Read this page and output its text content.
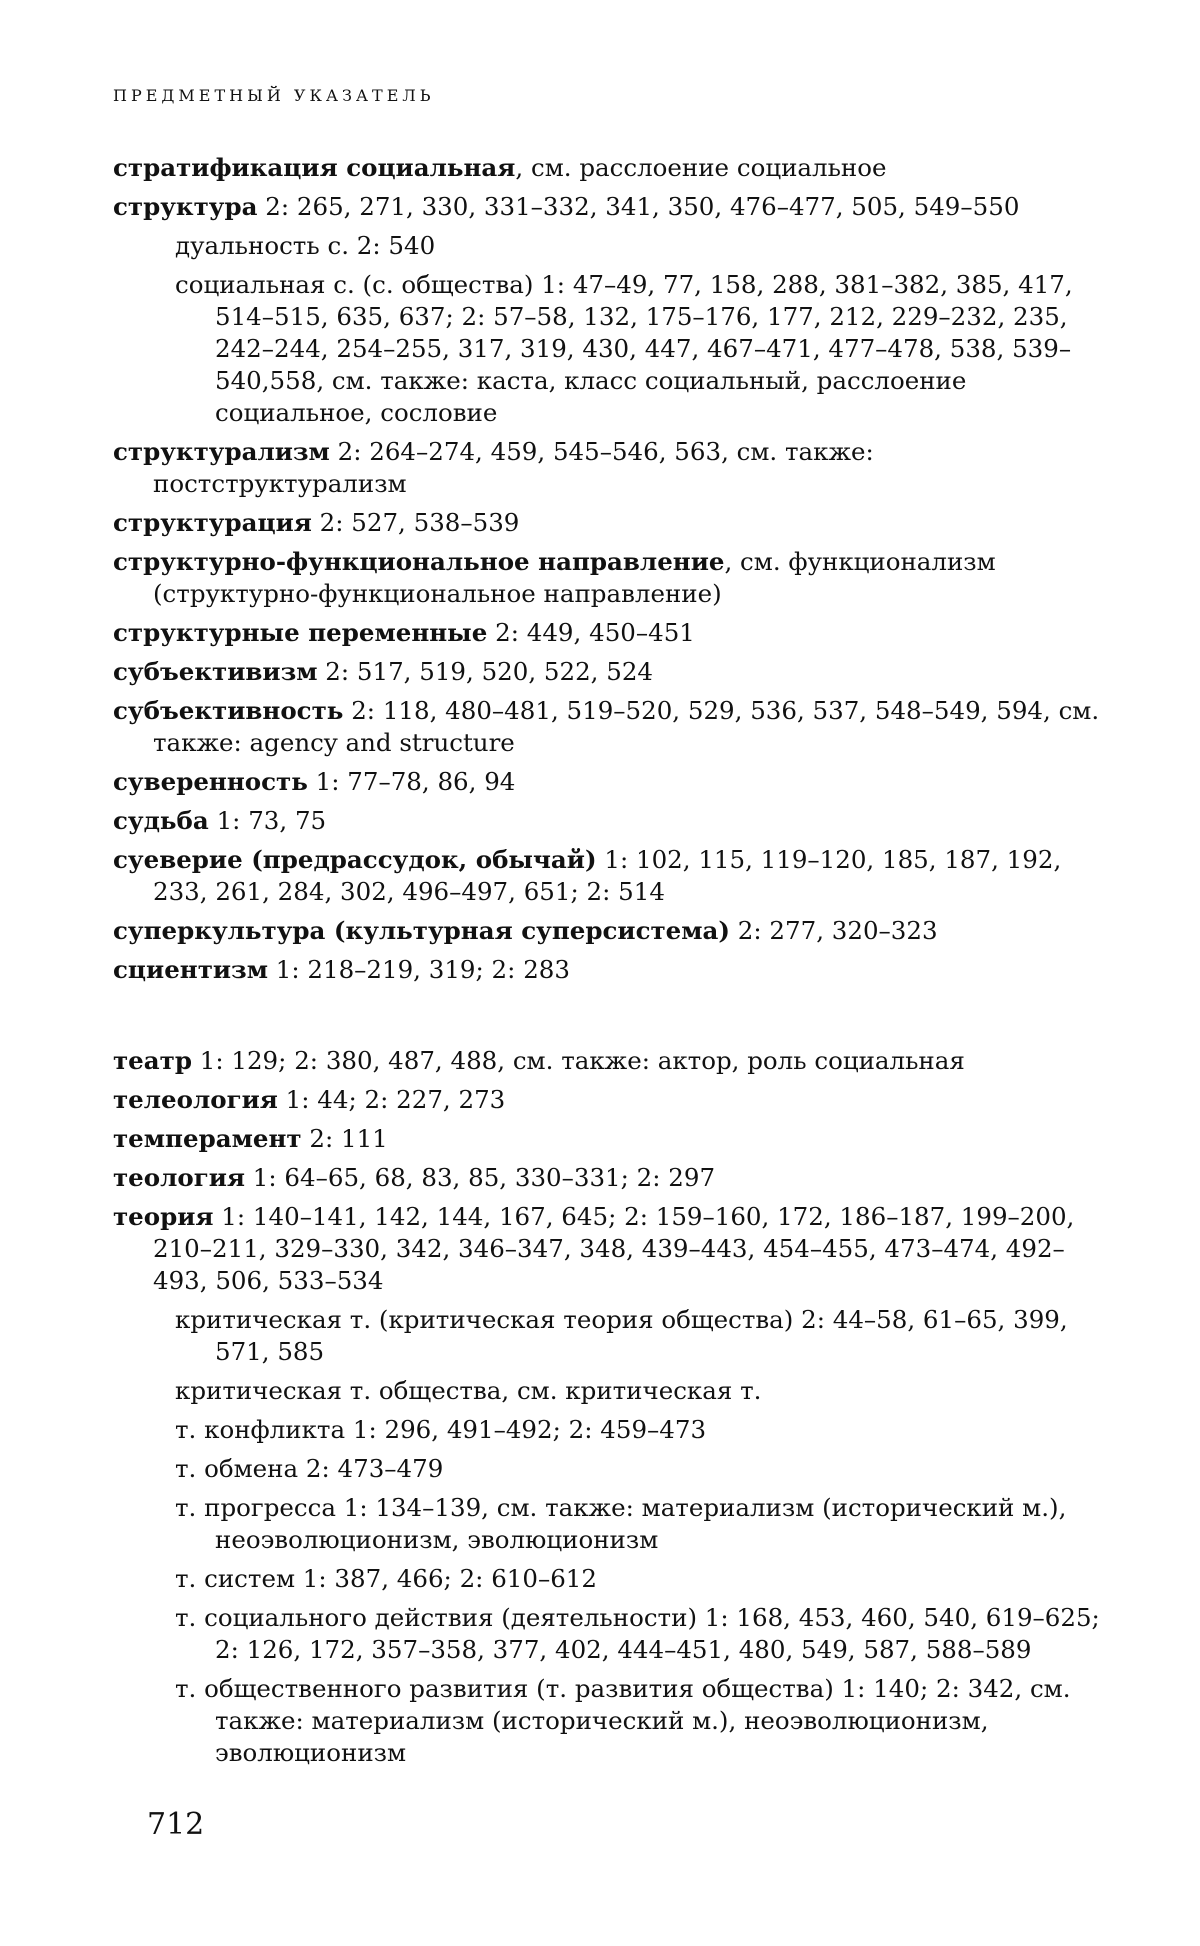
ПРЕДМЕТНЫЙ УКАЗАТЕЛЬ
стратификация социальная, см. расслоение социальное
структура 2: 265, 271, 330, 331–332, 341, 350, 476–477, 505, 549–550
дуальность с. 2: 540
социальная с. (с. общества) 1: 47–49, 77, 158, 288, 381–382, 385, 417, 514–515, 635, 637; 2: 57–58, 132, 175–176, 177, 212, 229–232, 235, 242–244, 254–255, 317, 319, 430, 447, 467–471, 477–478, 538, 539–540,558, см. также: каста, класс социальный, расслоение социальное, сословие
структурализм 2: 264–274, 459, 545–546, 563, см. также: постструктурализм
структурация 2: 527, 538–539
структурно-функциональное направление, см. функционализм (структурно-функциональное направление)
структурные переменные 2: 449, 450–451
субъективизм 2: 517, 519, 520, 522, 524
субъективность 2: 118, 480–481, 519–520, 529, 536, 537, 548–549, 594, см. также: agency and structure
суверенность 1: 77–78, 86, 94
судьба 1: 73, 75
суеверие (предрассудок, обычай) 1: 102, 115, 119–120, 185, 187, 192, 233, 261, 284, 302, 496–497, 651; 2: 514
суперкультура (культурная суперсистема) 2: 277, 320–323
сциентизм 1: 218–219, 319; 2: 283
театр 1: 129; 2: 380, 487, 488, см. также: актор, роль социальная
телеология 1: 44; 2: 227, 273
темперамент 2: 111
теология 1: 64–65, 68, 83, 85, 330–331; 2: 297
теория 1: 140–141, 142, 144, 167, 645; 2: 159–160, 172, 186–187, 199–200, 210–211, 329–330, 342, 346–347, 348, 439–443, 454–455, 473–474, 492–493, 506, 533–534
критическая т. (критическая теория общества) 2: 44–58, 61–65, 399, 571, 585
критическая т. общества, см. критическая т.
т. конфликта 1: 296, 491–492; 2: 459–473
т. обмена 2: 473–479
т. прогресса 1: 134–139, см. также: материализм (исторический м.), неоэволюционизм, эволюционизм
т. систем 1: 387, 466; 2: 610–612
т. социального действия (деятельности) 1: 168, 453, 460, 540, 619–625; 2: 126, 172, 357–358, 377, 402, 444–451, 480, 549, 587, 588–589
т. общественного развития (т. развития общества) 1: 140; 2: 342, см. также: материализм (исторический м.), неоэволюционизм, эволюционизм
712
